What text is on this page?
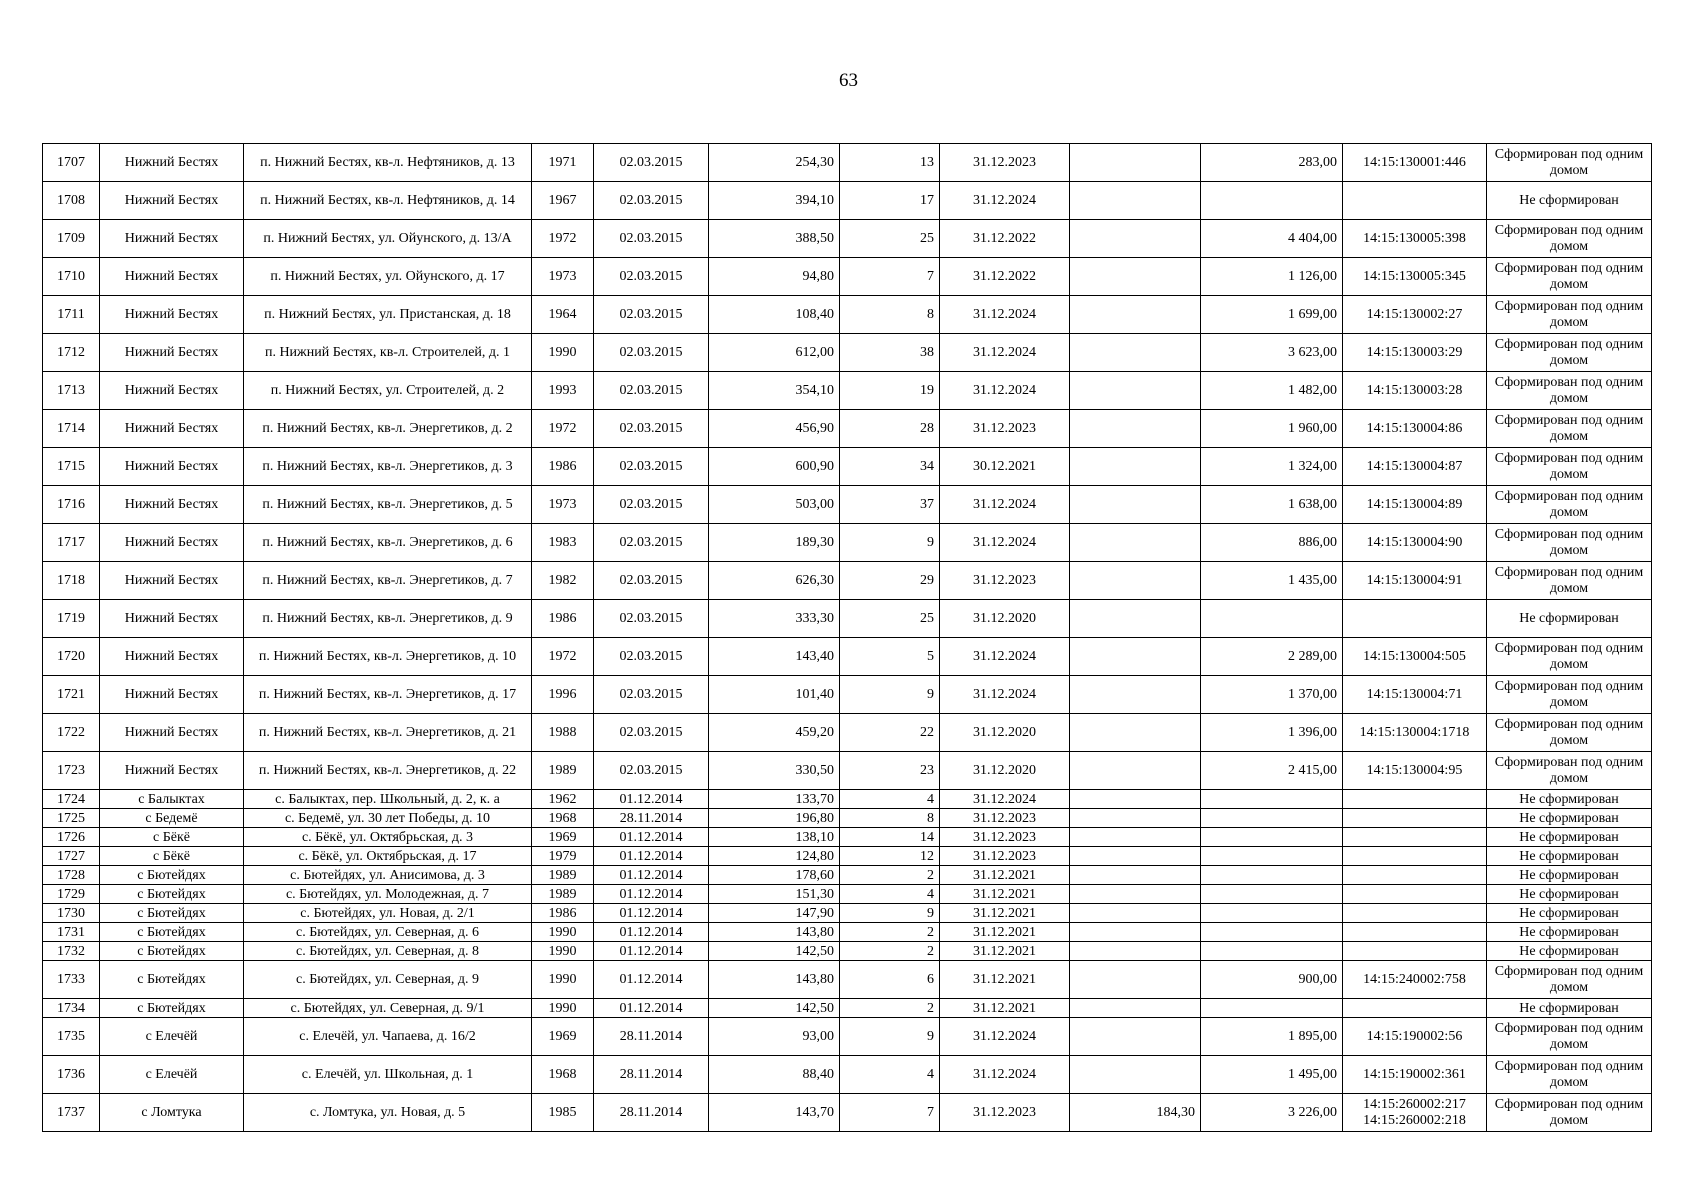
63
1707	Нижний Бестях	п. Нижний Бестях, кв-л. Нефтяников, д. 13	1971	02.03.2015	254,30	13	31.12.2023		283,00	14:15:130001:446	Сформирован под одним домом
1708	Нижний Бестях	п. Нижний Бестях, кв-л. Нефтяников, д. 14	1967	02.03.2015	394,10	17	31.12.2024				Не сформирован
1709	Нижний Бестях	п. Нижний Бестях, ул. Ойунского, д. 13/А	1972	02.03.2015	388,50	25	31.12.2022		4 404,00	14:15:130005:398	Сформирован под одним домом
1710	Нижний Бестях	п. Нижний Бестях, ул. Ойунского, д. 17	1973	02.03.2015	94,80	7	31.12.2022		1 126,00	14:15:130005:345	Сформирован под одним домом
1711	Нижний Бестях	п. Нижний Бестях, ул. Пристанская, д. 18	1964	02.03.2015	108,40	8	31.12.2024		1 699,00	14:15:130002:27	Сформирован под одним домом
1712	Нижний Бестях	п. Нижний Бестях, кв-л. Строителей, д. 1	1990	02.03.2015	612,00	38	31.12.2024		3 623,00	14:15:130003:29	Сформирован под одним домом
1713	Нижний Бестях	п. Нижний Бестях, ул. Строителей, д. 2	1993	02.03.2015	354,10	19	31.12.2024		1 482,00	14:15:130003:28	Сформирован под одним домом
1714	Нижний Бестях	п. Нижний Бестях, кв-л. Энергетиков, д. 2	1972	02.03.2015	456,90	28	31.12.2023		1 960,00	14:15:130004:86	Сформирован под одним домом
1715	Нижний Бестях	п. Нижний Бестях, кв-л. Энергетиков, д. 3	1986	02.03.2015	600,90	34	30.12.2021		1 324,00	14:15:130004:87	Сформирован под одним домом
1716	Нижний Бестях	п. Нижний Бестях, кв-л. Энергетиков, д. 5	1973	02.03.2015	503,00	37	31.12.2024		1 638,00	14:15:130004:89	Сформирован под одним домом
1717	Нижний Бестях	п. Нижний Бестях, кв-л. Энергетиков, д. 6	1983	02.03.2015	189,30	9	31.12.2024		886,00	14:15:130004:90	Сформирован под одним домом
1718	Нижний Бестях	п. Нижний Бестях, кв-л. Энергетиков, д. 7	1982	02.03.2015	626,30	29	31.12.2023		1 435,00	14:15:130004:91	Сформирован под одним домом
1719	Нижний Бестях	п. Нижний Бестях, кв-л. Энергетиков, д. 9	1986	02.03.2015	333,30	25	31.12.2020				Не сформирован
1720	Нижний Бестях	п. Нижний Бестях, кв-л. Энергетиков, д. 10	1972	02.03.2015	143,40	5	31.12.2024		2 289,00	14:15:130004:505	Сформирован под одним домом
1721	Нижний Бестях	п. Нижний Бестях, кв-л. Энергетиков, д. 17	1996	02.03.2015	101,40	9	31.12.2024		1 370,00	14:15:130004:71	Сформирован под одним домом
1722	Нижний Бестях	п. Нижний Бестях, кв-л. Энергетиков, д. 21	1988	02.03.2015	459,20	22	31.12.2020		1 396,00	14:15:130004:1718	Сформирован под одним домом
1723	Нижний Бестях	п. Нижний Бестях, кв-л. Энергетиков, д. 22	1989	02.03.2015	330,50	23	31.12.2020		2 415,00	14:15:130004:95	Сформирован под одним домом
1724	с Балыктах	с. Балыктах, пер. Школьный, д. 2, к. а	1962	01.12.2014	133,70	4	31.12.2024				Не сформирован
1725	с Бедемё	с. Бедемё, ул. 30 лет Победы, д. 10	1968	28.11.2014	196,80	8	31.12.2023				Не сформирован
1726	с Бёкё	с. Бёкё, ул. Октябрьская, д. 3	1969	01.12.2014	138,10	14	31.12.2023				Не сформирован
1727	с Бёкё	с. Бёкё, ул. Октябрьская, д. 17	1979	01.12.2014	124,80	12	31.12.2023				Не сформирован
1728	с Бютейдях	с. Бютейдях, ул. Анисимова, д. 3	1989	01.12.2014	178,60	2	31.12.2021				Не сформирован
1729	с Бютейдях	с. Бютейдях, ул. Молодежная, д. 7	1989	01.12.2014	151,30	4	31.12.2021				Не сформирован
1730	с Бютейдях	с. Бютейдях, ул. Новая, д. 2/1	1986	01.12.2014	147,90	9	31.12.2021				Не сформирован
1731	с Бютейдях	с. Бютейдях, ул. Северная, д. 6	1990	01.12.2014	143,80	2	31.12.2021				Не сформирован
1732	с Бютейдях	с. Бютейдях, ул. Северная, д. 8	1990	01.12.2014	142,50	2	31.12.2021				Не сформирован
1733	с Бютейдях	с. Бютейдях, ул. Северная, д. 9	1990	01.12.2014	143,80	6	31.12.2021		900,00	14:15:240002:758	Сформирован под одним домом
1734	с Бютейдях	с. Бютейдях, ул. Северная, д. 9/1	1990	01.12.2014	142,50	2	31.12.2021				Не сформирован
1735	с Елечёй	с. Елечёй, ул. Чапаева, д. 16/2	1969	28.11.2014	93,00	9	31.12.2024		1 895,00	14:15:190002:56	Сформирован под одним домом
1736	с Елечёй	с. Елечёй, ул. Школьная, д. 1	1968	28.11.2014	88,40	4	31.12.2024		1 495,00	14:15:190002:361	Сформирован под одним домом
1737	с Ломтука	с. Ломтука, ул. Новая, д. 5	1985	28.11.2014	143,70	7	31.12.2023	184,30	3 226,00	14:15:260002:217 14:15:260002:218	Сформирован под одним домом
